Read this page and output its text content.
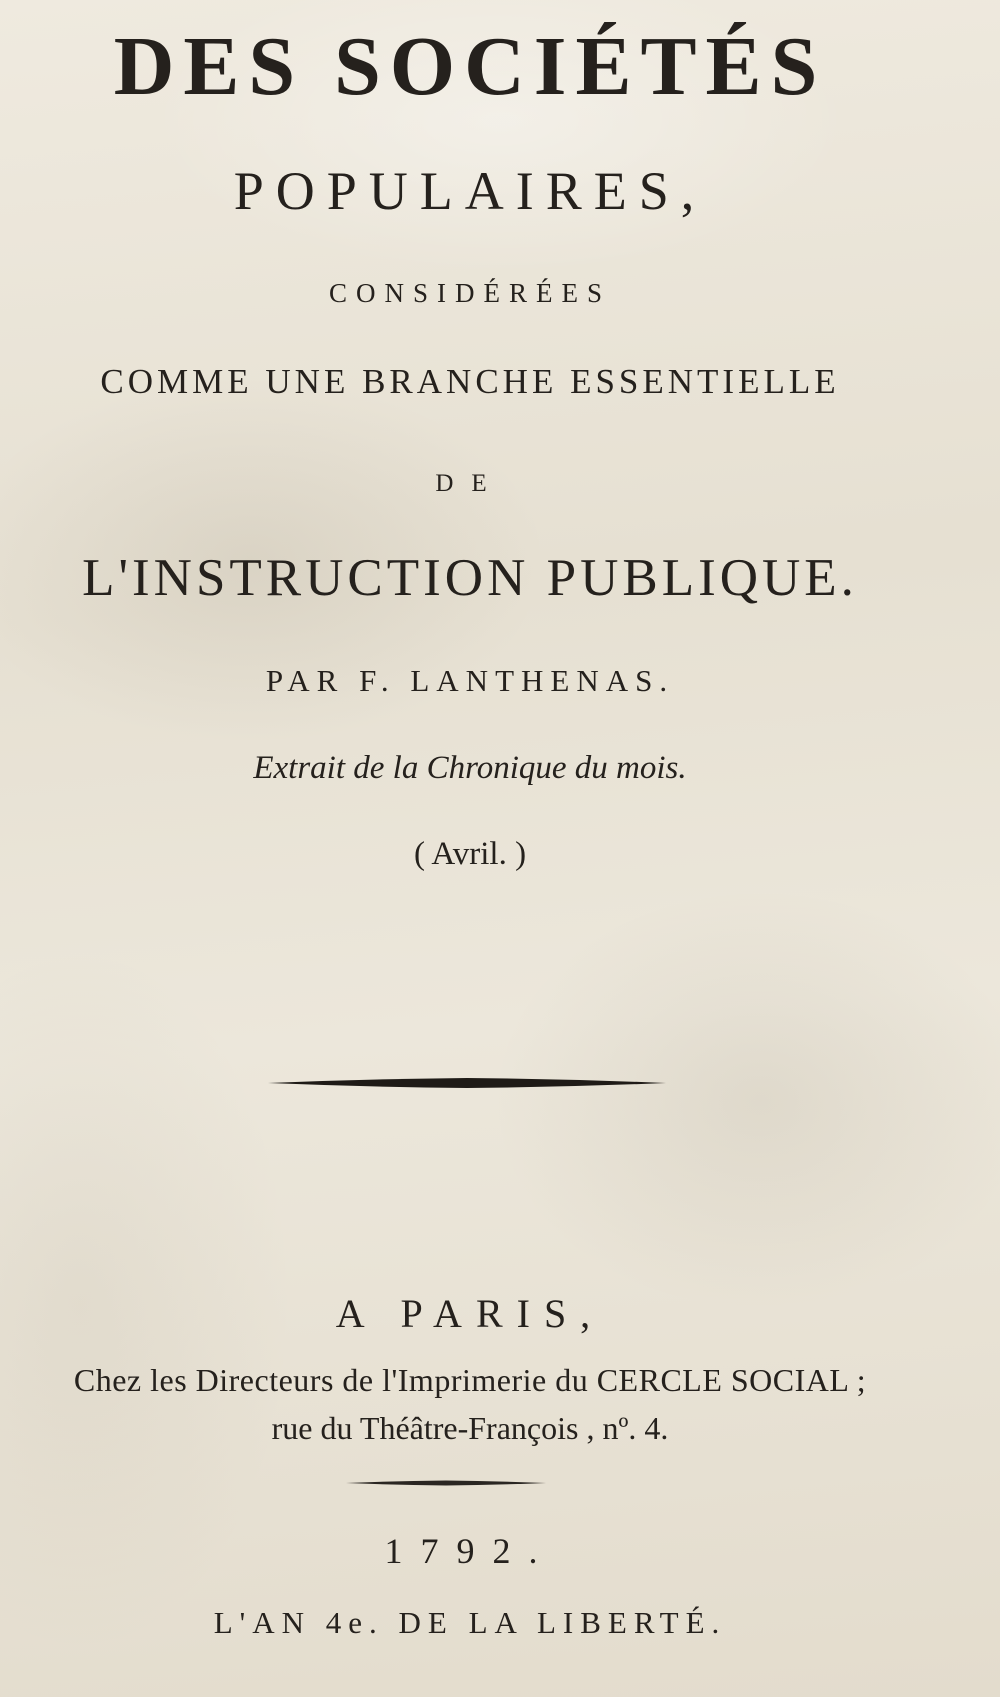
DES SOCIÉTÉS
POPULAIRES,
CONSIDÉRÉES
COMME UNE BRANCHE ESSENTIELLE
DE
L'INSTRUCTION PUBLIQUE.
PAR F. LANTHENAS.
Extrait de la Chronique du mois.
( Avril. )
A PARIS,
Chez les Directeurs de l'Imprimerie du CERCLE SOCIAL ;
rue du Théâtre-François , nº. 4.
1792.
L'AN 4e. DE LA LIBERTÉ.
